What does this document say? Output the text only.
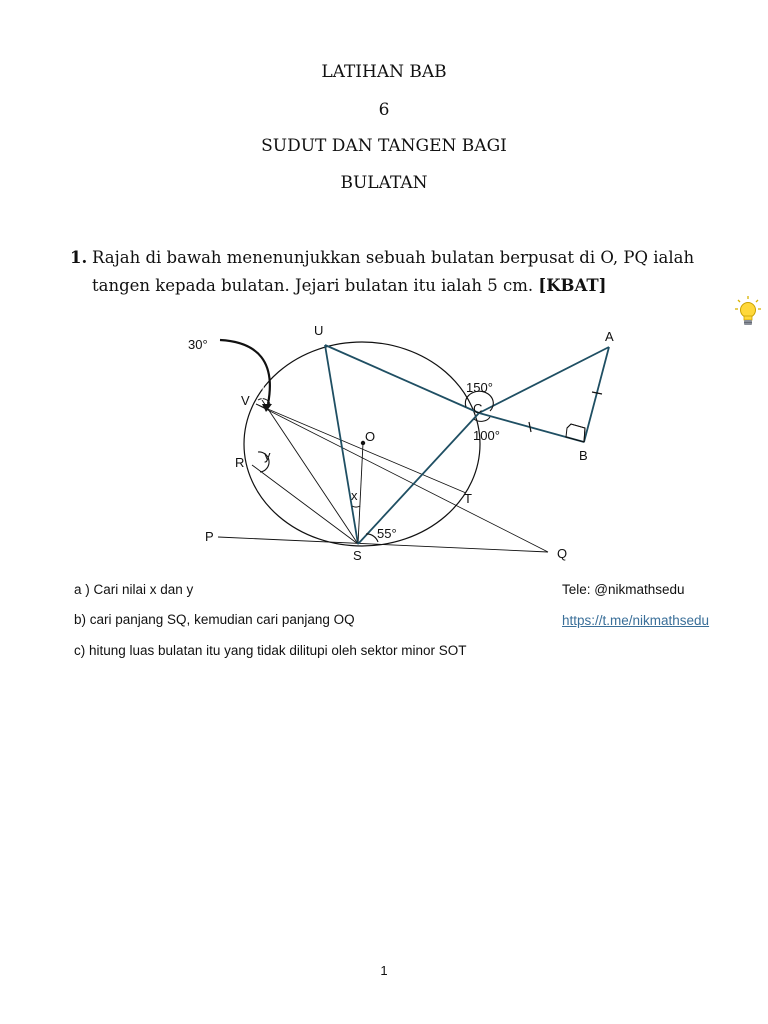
LATIHAN BAB
6
SUDUT DAN TANGEN BAGI
BULATAN
1. Rajah di bawah menenunjukkan sebuah bulatan berpusat di O, PQ ialah
tangen kepada bulatan. Jejari bulatan itu ialah 5 cm. [KBAT]
U	A
30°
V
150°
C
100°
O
R y	B
x	T
P	55°
S	Q
a ) Cari nilai x dan y
b) cari panjang SQ, kemudian cari panjang OQ
c) hitung luas bulatan itu yang tidak dilitupi oleh sektor minor SOT
Tele: @nikmathsedu
https://t.me/nikmathsedu
1
